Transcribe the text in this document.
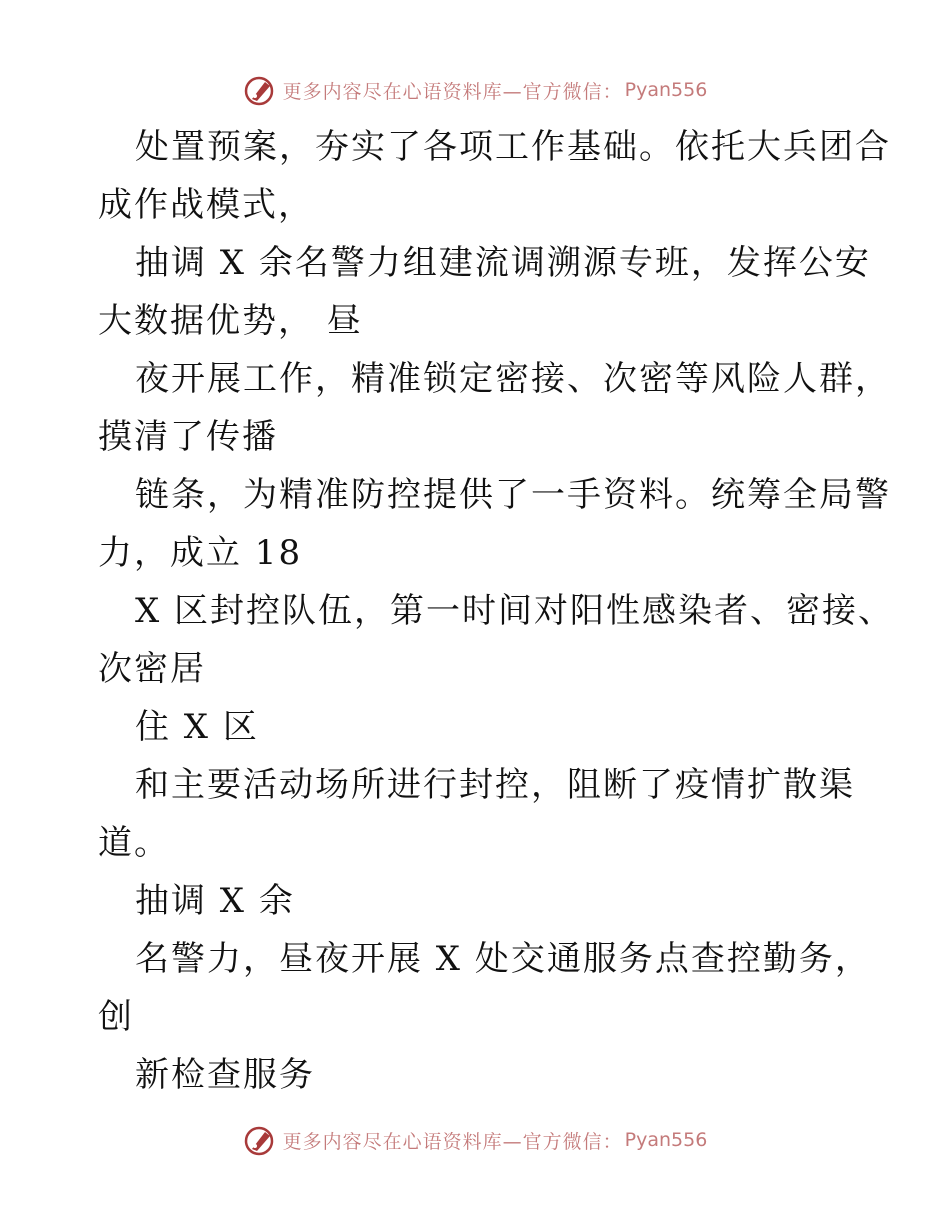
更多内容尽在心语资料库—官方微信： Pyan556
处置预案，夯实了各项工作基础。依托大兵团合
成作战模式，
抽调 X 余名警力组建流调溯源专班，发挥公安
大数据优势， 昼
夜开展工作，精准锁定密接、次密等风险人群，
摸清了传播
链条，为精准防控提供了一手资料。统筹全局警
力，成立 18
X 区封控队伍，第一时间对阳性感染者、密接、
次密居
住 X 区
和主要活动场所进行封控，阻断了疫情扩散渠
道。
抽调 X 余
名警力，昼夜开展 X 处交通服务点查控勤务，
创
新检查服务
更多内容尽在心语资料库—官方微信： Pyan556
